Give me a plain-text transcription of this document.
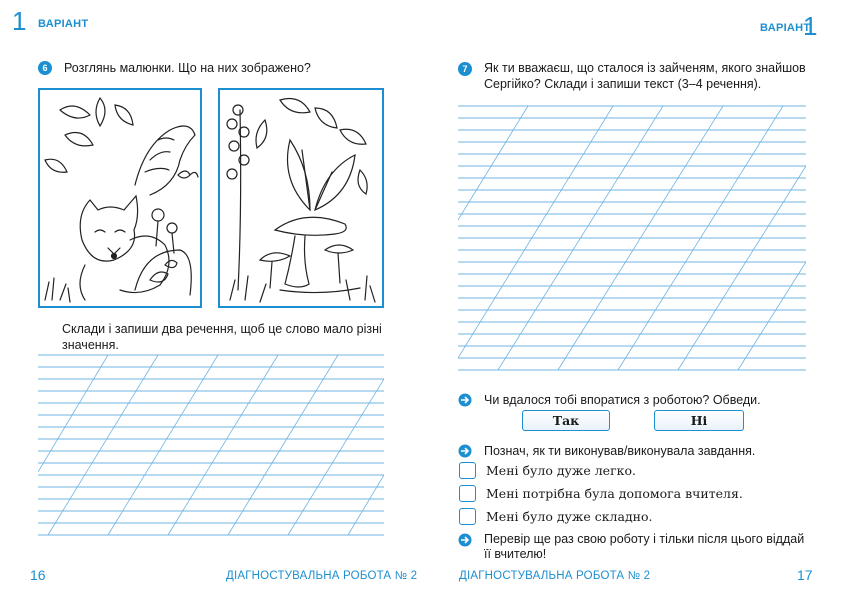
1 ВАРІАНТ
6	Розглянь малюнки. Що на них зображено?
Склади і запиши два речення, щоб це слово мало різні
значення.
16	ДІАГНОСТУВАЛЬНА РОБОТА № 2
ВАРІАНТ
1
7	Як ти вважаєш, що сталося із зайченям, якого знайшов
Сергійко? Склади і запиши текст (3–4 речення).
Чи вдалося тобі впоратися з роботою? Обведи.
Так	Ні
Познач, як ти виконував/виконувала завдання.
Мені було дуже легко.
Мені потрібна була допомога вчителя.
Мені було дуже складно.
Перевір ще раз свою роботу і тільки після цього віддай
її вчителю!
ДІАГНОСТУВАЛЬНА РОБОТА № 2	17
